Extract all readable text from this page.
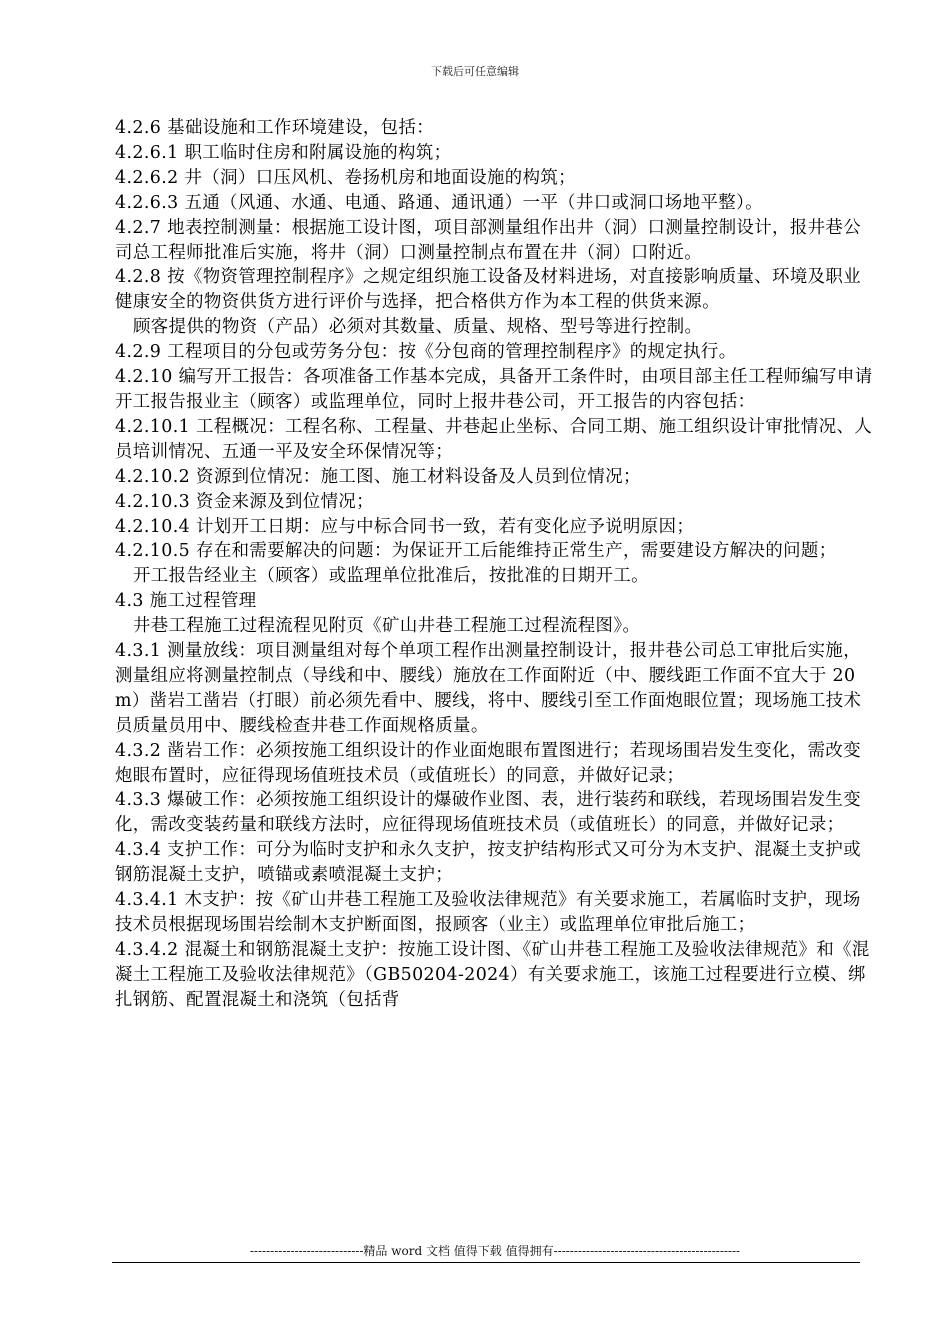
下载后可任意编辑

4.2.6 基础设施和工作环境建设，包括：

4.2.6.1 职工临时住房和附属设施的构筑；

4.2.6.2 井（洞）口压风机、卷扬机房和地面设施的构筑；

4.2.6.3 五通（风通、水通、电通、路通、通讯通）一平（井口或洞口场地平整）。

4.2.7 地表控制测量：根据施工设计图，项目部测量组作出井（洞）口测量控制设计，报井巷公司总工程师批准后实施，将井（洞）口测量控制点布置在井（洞）口附近。

4.2.8 按《物资管理控制程序》之规定组织施工设备及材料进场，对直接影响质量、环境及职业健康安全的物资供货方进行评价与选择，把合格供方作为本工程的供货来源。

顾客提供的物资（产品）必须对其数量、质量、规格、型号等进行控制。

4.2.9 工程项目的分包或劳务分包：按《分包商的管理控制程序》的规定执行。

4.2.10 编写开工报告：各项准备工作基本完成，具备开工条件时，由项目部主任工程师编写申请开工报告报业主（顾客）或监理单位，同时上报井巷公司，开工报告的内容包括：

4.2.10.1 工程概况：工程名称、工程量、井巷起止坐标、合同工期、施工组织设计审批情况、人员培训情况、五通一平及安全环保情况等；

4.2.10.2 资源到位情况：施工图、施工材料设备及人员到位情况；

4.2.10.3 资金来源及到位情况；

4.2.10.4 计划开工日期：应与中标合同书一致，若有变化应予说明原因；

4.2.10.5 存在和需要解决的问题：为保证开工后能维持正常生产，需要建设方解决的问题；

开工报告经业主（顾客）或监理单位批准后，按批准的日期开工。

4.3 施工过程管理

井巷工程施工过程流程见附页《矿山井巷工程施工过程流程图》。

4.3.1 测量放线：项目测量组对每个单项工程作出测量控制设计，报井巷公司总工审批后实施，测量组应将测量控制点（导线和中、腰线）施放在工作面附近（中、腰线距工作面不宜大于 20m）凿岩工凿岩（打眼）前必须先看中、腰线，将中、腰线引至工作面炮眼位置；现场施工技术员质量员用中、腰线检查井巷工作面规格质量。

4.3.2 凿岩工作：必须按施工组织设计的作业面炮眼布置图进行；若现场围岩发生变化，需改变炮眼布置时，应征得现场值班技术员（或值班长）的同意，并做好记录；

4.3.3 爆破工作：必须按施工组织设计的爆破作业图、表，进行装药和联线，若现场围岩发生变化，需改变装药量和联线方法时，应征得现场值班技术员（或值班长）的同意，并做好记录；

4.3.4 支护工作：可分为临时支护和永久支护，按支护结构形式又可分为木支护、混凝土支护或钢筋混凝土支护，喷锚或素喷混凝土支护；

4.3.4.1 木支护：按《矿山井巷工程施工及验收法律规范》有关要求施工，若属临时支护，现场技术员根据现场围岩绘制木支护断面图，报顾客（业主）或监理单位审批后施工；

4.3.4.2 混凝土和钢筋混凝土支护：按施工设计图、《矿山井巷工程施工及验收法律规范》和《混凝土工程施工及验收法律规范》（GB50204-2024）有关要求施工，该施工过程要进行立模、绑扎钢筋、配置混凝土和浇筑（包括背

----------------------------精品 word 文档 值得下载 值得拥有----------------------------------------------
